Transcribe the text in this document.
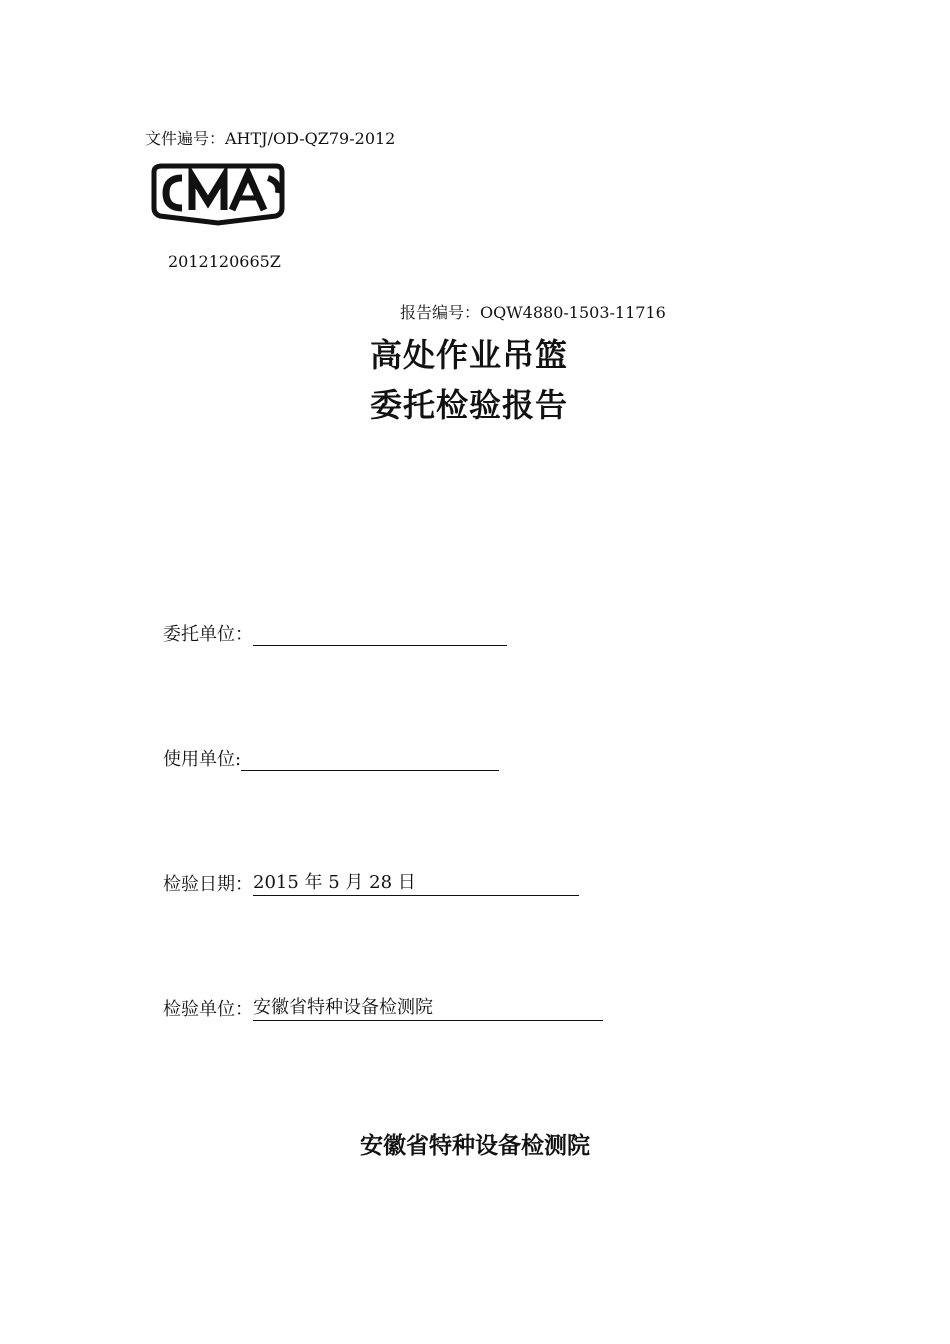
文件遍号：AHTJ/OD-QZ79-2012
2012120665Z
报告编号：OQW4880-1503-11716
高处作业吊篮
委托检验报告
委托单位：
使用单位:
检验日期： 2015 年 5 月 28 日
检验单位： 安徽省特种设备检测院
安徽省特种设备检测院
